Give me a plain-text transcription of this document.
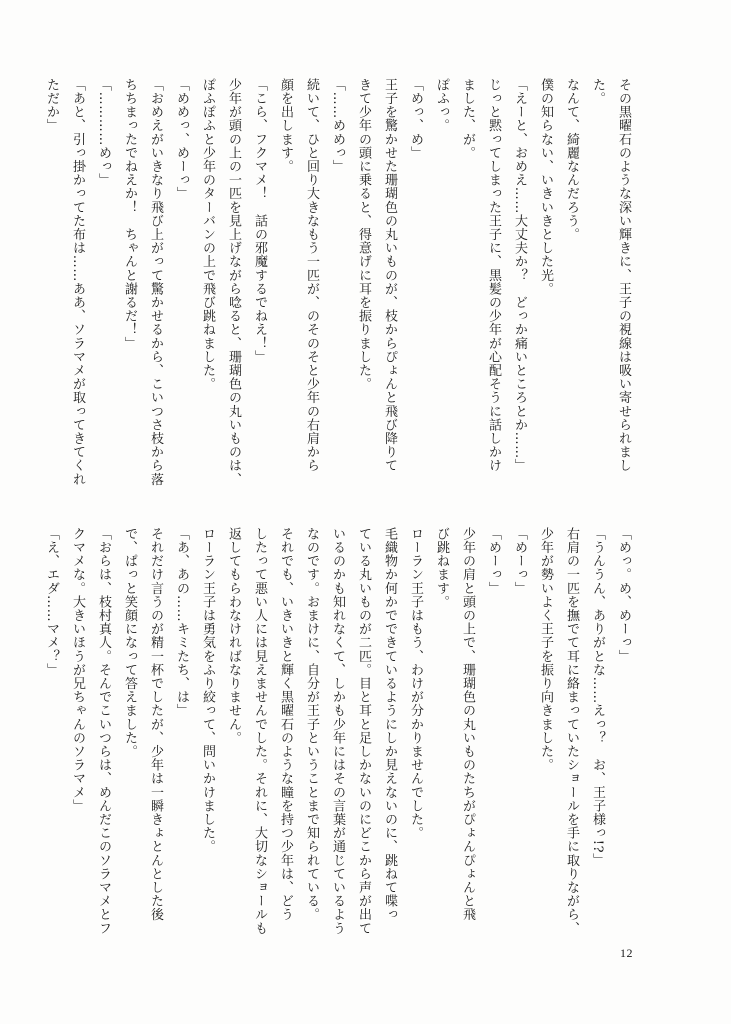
その黒曜石のような深い輝きに、王子の視線は吸い寄せられまし
た。
なんて、綺麗なんだろう。
僕の知らない、いきいきとした光。
「えーと、おめえ……大丈夫か？　どっか痛いところとか……」
じっと黙ってしまった王子に、黒髪の少年が心配そうに話しかけ
ました、が。
ぽふっ。
「めっ、め」
王子を驚かせた珊瑚色の丸いものが、枝からぴょんと飛び降りて
きて少年の頭に乗ると、得意げに耳を振りました。
「……めめっ」
続いて、ひと回り大きなもう一匹が、のそのそと少年の右肩から
顔を出します。
「こら、フクマメ！　話の邪魔するでねえ！」
少年が頭の上の一匹を見上げながら唸ると、珊瑚色の丸いものは、
ぽふぽふと少年のターバンの上で飛び跳ねました。
「めめっ、めーっ」
「おめえがいきなり飛び上がって驚かせるから、こいつさ枝から落
ちちまったでねえか！　ちゃんと謝るだ！」
「…………めっ」
「あと、引っ掛かってた布は……ああ、ソラマメが取ってきてくれ
ただか」
「めっ。め、めーっ」
「うんうん、ありがとな……えっ？　お、王子様っ!?」
右肩の一匹を撫でて耳に絡まっていたショールを手に取りながら、
少年が勢いよく王子を振り向きました。
「めーっ」
「めーっ」
少年の肩と頭の上で、珊瑚色の丸いものたちがぴょんぴょんと飛
び跳ねます。
ローラン王子はもう、わけが分かりませんでした。
毛織物か何かでできているようにしか見えないのに、跳ねて喋っ
ている丸いものが二匹。目と耳と足しかないのにどこから声が出て
いるのかも知れなくて、しかも少年にはその言葉が通じているよう
なのです。おまけに、自分が王子ということまで知られている。
それでも、いきいきと輝く黒曜石のような瞳を持つ少年は、どう
したって悪い人には見えませんでした。それに、大切なショールも
返してもらわなければなりません。
ローラン王子は勇気をふり絞って、問いかけました。
「あ、あの……キミたち、は」
それだけ言うのが精一杯でしたが、少年は一瞬きょとんとした後
で、ぱっと笑顔になって答えました。
「おらは、枝村真人。そんでこいつらは、めんだこのソラマメとフ
クマメな。大きいほうが兄ちゃんのソラマメ」
「え、エダ……マメ？」
12
